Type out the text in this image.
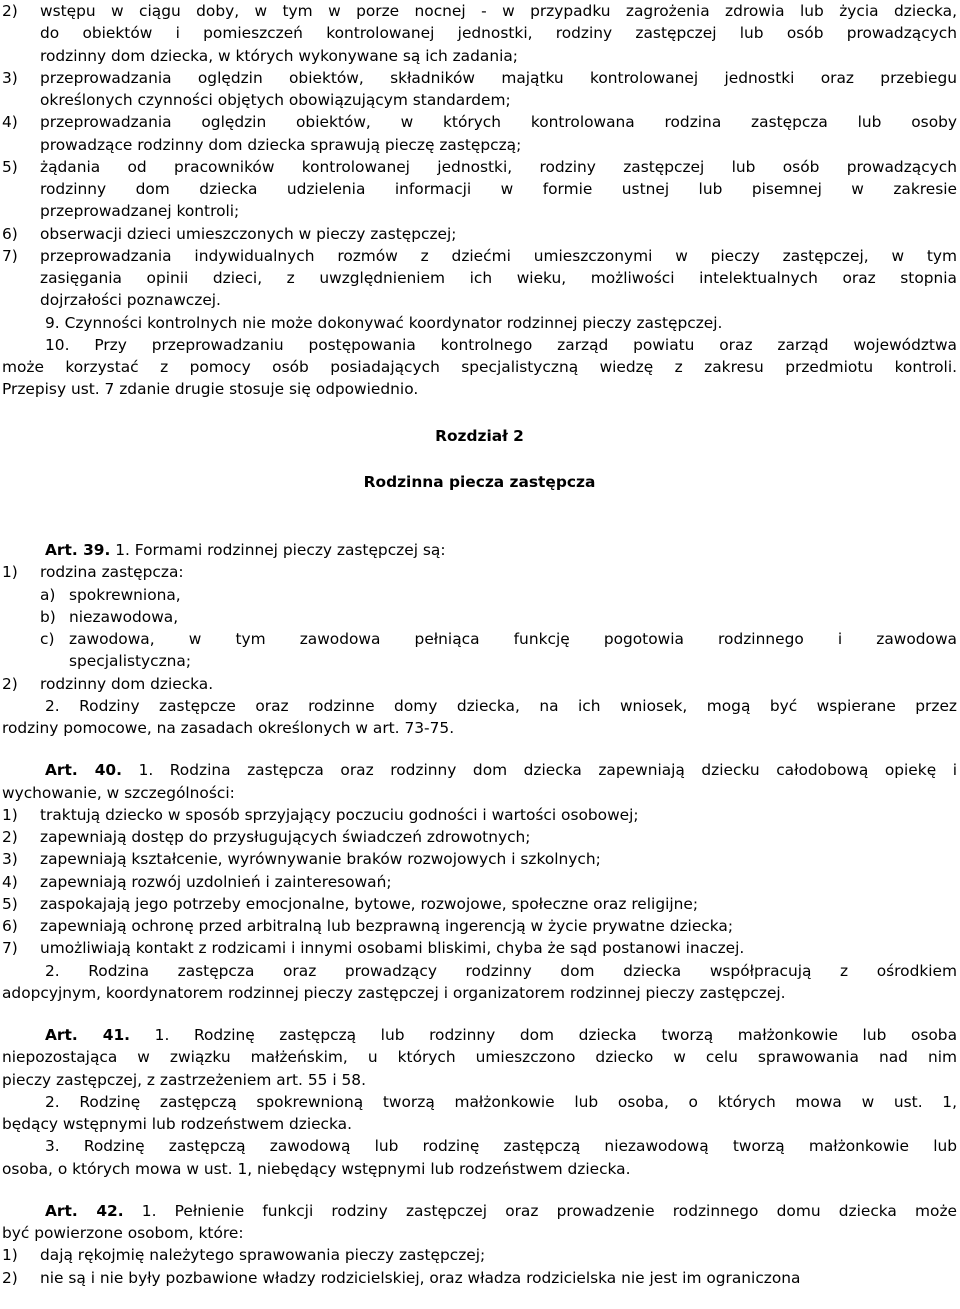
2)	wstępu w ciągu doby, w tym w porze nocnej - w przypadku zagrożenia zdrowia lub życia dziecka,
do obiektów i pomieszczeń kontrolowanej jednostki, rodziny zastępczej lub osób prowadzących
rodzinny dom dziecka, w których wykonywane są ich zadania;
3)	przeprowadzania oględzin obiektów, składników majątku kontrolowanej jednostki oraz przebiegu
określonych czynności objętych obowiązującym standardem;
4)	przeprowadzania oględzin obiektów, w których kontrolowana rodzina zastępcza lub osoby
prowadzące rodzinny dom dziecka sprawują pieczę zastępczą;
5)	żądania od pracowników kontrolowanej jednostki, rodziny zastępczej lub osób prowadzących
rodzinny dom dziecka udzielenia informacji w formie ustnej lub pisemnej w zakresie
przeprowadzanej kontroli;
6)	obserwacji dzieci umieszczonych w pieczy zastępczej;
7)	przeprowadzania indywidualnych rozmów z dziećmi umieszczonymi w pieczy zastępczej, w tym
zasięgania opinii dzieci, z uwzględnieniem ich wieku, możliwości intelektualnych oraz stopnia
dojrzałości poznawczej.
9. Czynności kontrolnych nie może dokonywać koordynator rodzinnej pieczy zastępczej.
10. Przy przeprowadzaniu postępowania kontrolnego zarząd powiatu oraz zarząd województwa
może korzystać z pomocy osób posiadających specjalistyczną wiedzę z zakresu przedmiotu kontroli.
Przepisy ust. 7 zdanie drugie stosuje się odpowiednio.
Rozdział 2
Rodzinna piecza zastępcza
Art. 39. 1. Formami rodzinnej pieczy zastępczej są:
1)	rodzina zastępcza:
a) spokrewniona,
b) niezawodowa,
c) zawodowa, w tym zawodowa pełniąca funkcję pogotowia rodzinnego i zawodowa
specjalistyczna;
2)	rodzinny dom dziecka.
2. Rodziny zastępcze oraz rodzinne domy dziecka, na ich wniosek, mogą być wspierane przez
rodziny pomocowe, na zasadach określonych w art. 73-75.
Art. 40. 1. Rodzina zastępcza oraz rodzinny dom dziecka zapewniają dziecku całodobową opiekę i
wychowanie, w szczególności:
1)	traktują dziecko w sposób sprzyjający poczuciu godności i wartości osobowej;
2)	zapewniają dostęp do przysługujących świadczeń zdrowotnych;
3)	zapewniają kształcenie, wyrównywanie braków rozwojowych i szkolnych;
4)	zapewniają rozwój uzdolnień i zainteresowań;
5)	zaspokajają jego potrzeby emocjonalne, bytowe, rozwojowe, społeczne oraz religijne;
6)	zapewniają ochronę przed arbitralną lub bezprawną ingerencją w życie prywatne dziecka;
7)	umożliwiają kontakt z rodzicami i innymi osobami bliskimi, chyba że sąd postanowi inaczej.
2. Rodzina zastępcza oraz prowadzący rodzinny dom dziecka współpracują z ośrodkiem
adopcyjnym, koordynatorem rodzinnej pieczy zastępczej i organizatorem rodzinnej pieczy zastępczej.
Art. 41. 1. Rodzinę zastępczą lub rodzinny dom dziecka tworzą małżonkowie lub osoba
niepozostająca w związku małżeńskim, u których umieszczono dziecko w celu sprawowania nad nim
pieczy zastępczej, z zastrzeżeniem art. 55 i 58.
2. Rodzinę zastępczą spokrewnioną tworzą małżonkowie lub osoba, o których mowa w ust. 1,
będący wstępnymi lub rodzeństwem dziecka.
3. Rodzinę zastępczą zawodową lub rodzinę zastępczą niezawodową tworzą małżonkowie lub
osoba, o których mowa w ust. 1, niebędący wstępnymi lub rodzeństwem dziecka.
Art. 42. 1. Pełnienie funkcji rodziny zastępczej oraz prowadzenie rodzinnego domu dziecka może
być powierzone osobom, które:
1)	dają rękojmię należytego sprawowania pieczy zastępczej;
2)	nie są i nie były pozbawione władzy rodzicielskiej, oraz władza rodzicielska nie jest im ograniczona
